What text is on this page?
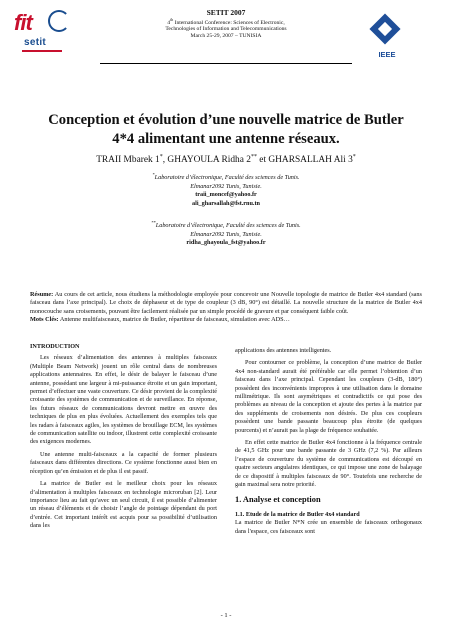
fit
setit
SETIT 2007
4th International Conference: Sciences of Electronic,
Technologies of Information and Telecommunications
March 25-29, 2007 – TUNISIA
IEEE
Conception et évolution d’une nouvelle matrice de Butler 4*4 alimentant une antenne réseaux.
TRAII Mbarek 1*, GHAYOULA Ridha 2** et GHARSALLAH Ali 3*
*Laboratoire d’électronique, Faculté des sciences de Tunis.
Elmanar2092 Tunis, Tunisie.
traii_moncef@yahoo.fr
ali_gharsallah@fst.rnu.tn
**Laboratoire d’électronique, Faculté des sciences de Tunis.
Elmanar2092 Tunis, Tunisie.
ridha_ghayoula_fst@yahoo.fr
Résume: Au cours de cet article, nous étudiens la méthodologie employée pour concevoir une Nouvelle topologie de matrice de Butler 4x4 standard (sans faisceau dans l’axe principal). Le choix de déphaseur et de type de coupleur (3 dB, 90°) est détaillé. La nouvelle structure de la matrice de Butler 4x4 monocouche sans croisements, pouvant être facilement réalisée par un simple procédé de gravure et par conséquent faible coût.
Mots Clés: Antenne multifaisceaux, matrice de Butler, répartiteur de faisceaux, simulation avec ADS…

INTRODUCTION

Les réseaux d’alimentation des antennes à multiples faisceaux (Multiple Beam Network) jouent un rôle central dans de nombreuses applications antennaires. En effet, le désir de balayer le faisceau d’une antenne, possédant une largeur à mi-puissance étroite et un gain important, permet d’effectuer une vaste couverture. Ce désir provient de la complexité croissante des systèmes de communication et de surveillance. En réponse, les futurs réseaux de communications devront mettre en œuvre des techniques de plus en plus évoluées. Actuellement des exemples tels que les radars à faisceaux agiles, les systèmes de brouillage ECM, les systèmes de communication satellite ou indoor, illustrent cette complexité croissante des exigences modernes.

Une antenne multi-faisceaux a la capacité de former plusieurs faisceaux dans différentes directions. Ce système fonctionne aussi bien en réception qu’en émission et de plus il est passif.

La matrice de Butler est le meilleur choix pour les réseaux d’alimentation à multiples faisceaux en technologie microruban [2]. Leur importance lieu au fait qu’avec un seul circuit, il est possible d’alimenter un réseau d’éléments et de choisir l’angle de pointage dépendant du port d’entrée. Cet important intérêt est acquis pour sa possibilité d’utilisation dans les

applications des antennes intelligentes.

Pour contourner ce problème, la conception d’une matrice de Butler 4x4 non-standard aurait été préférable car elle permet l’obtention d’un faisceau dans l’axe principal. Cependant les coupleurs (3-dB, 180°) possèdent des inconvénients impropres à une utilisation dans le domaine millimétrique. Ils sont asymétriques et contradictifs ce qui pose des problèmes au niveau de la conception et ajoute des pertes à la matrice par des suppléments de croisements non désirés. De plus ces coupleurs possèdent une bande passante beaucoup plus étroite (de quelques pourcents) et n’aurait pas la plage de fréquence souhaitée.

En effet cette matrice de Butler 4x4 fonctionne à la fréquence centrale de 41,5 GHz pour une bande passante de 3 GHz (7,2 %). Par ailleurs l’espace de couverture du système de communications est découpé en quatre secteurs angulaires identiques, ce qui impose une zone de balayage de ce dispositif à multiples faisceaux de 90°. Toutefois une recherche de gain maximal sera notre priorité.

1. Analyse et conception

1.1. Etude de la matrice de Butler 4x4 standard

La matrice de Butler N*N crée un ensemble de faisceaux orthogonaux dans l'espace, ces faisceaux sont

- 1 -
